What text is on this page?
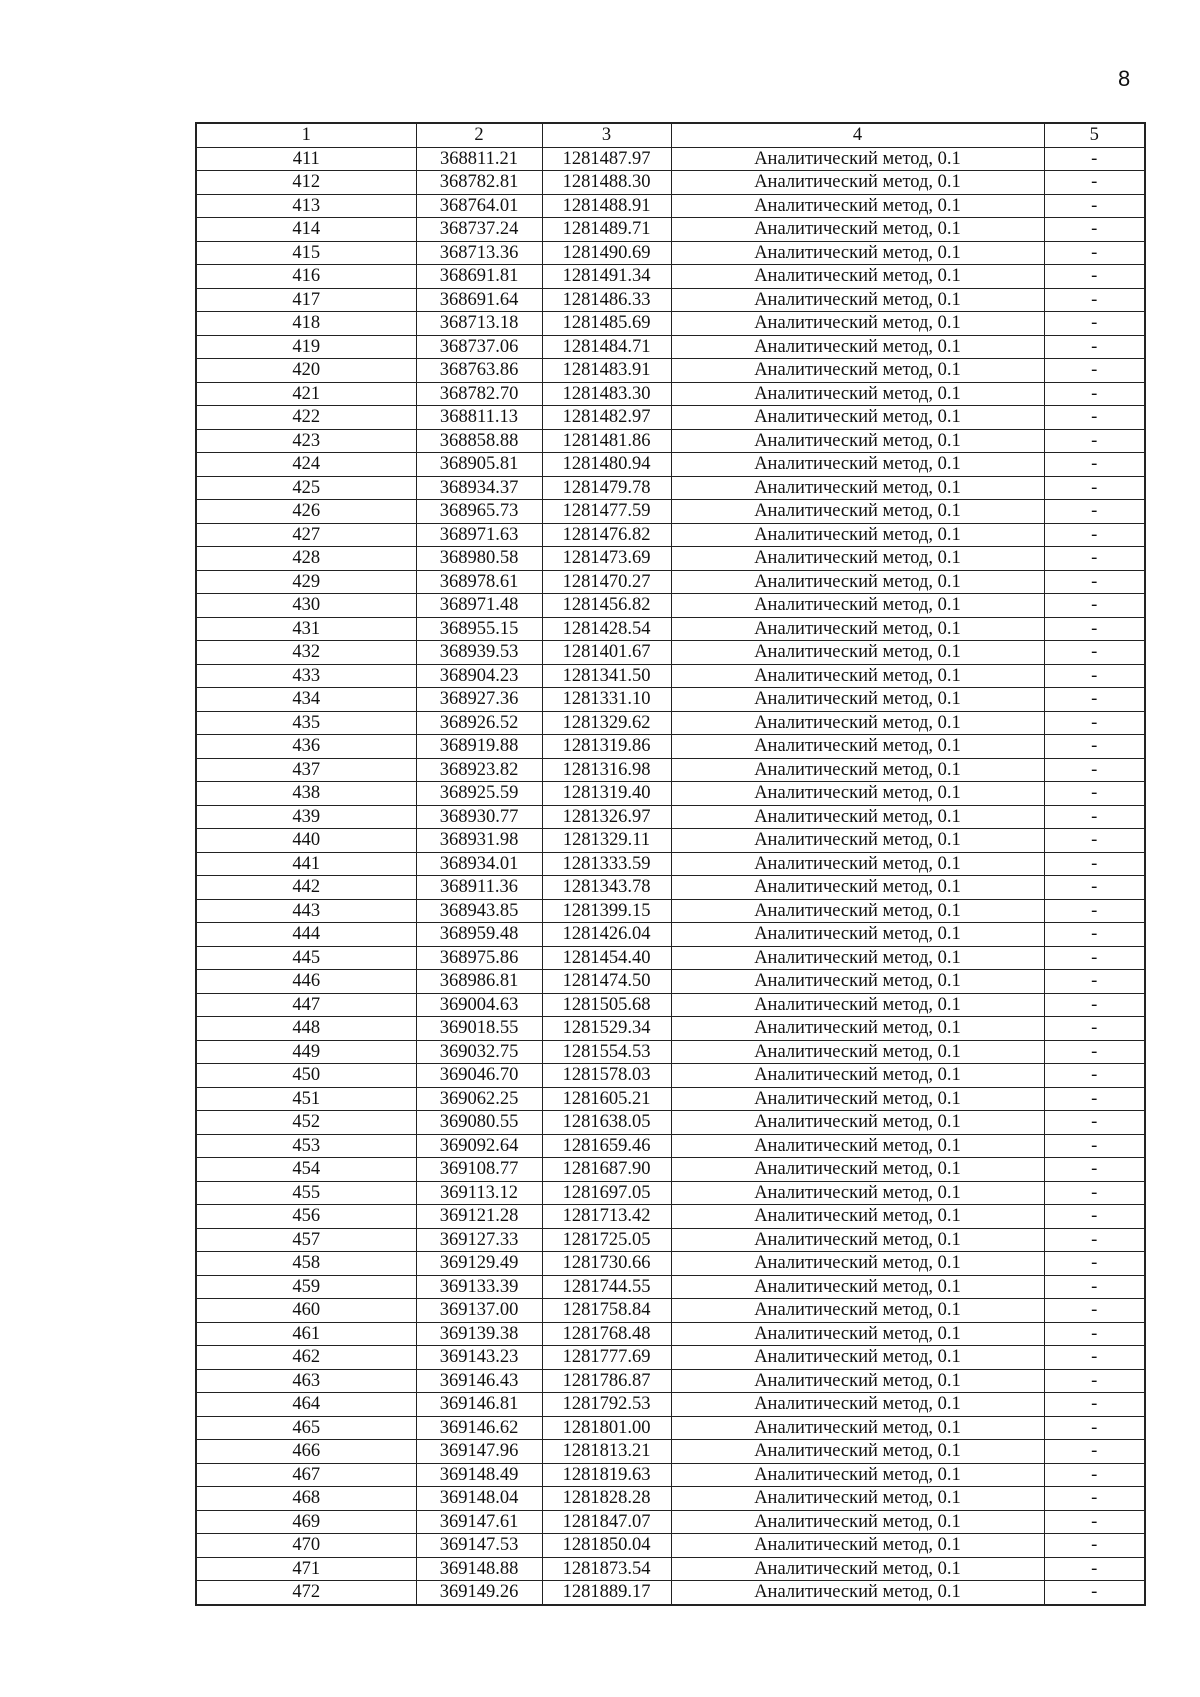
8
1	2	3	4	5
411	368811.21	1281487.97	Аналитический метод, 0.1	-
412	368782.81	1281488.30	Аналитический метод, 0.1	-
413	368764.01	1281488.91	Аналитический метод, 0.1	-
414	368737.24	1281489.71	Аналитический метод, 0.1	-
415	368713.36	1281490.69	Аналитический метод, 0.1	-
416	368691.81	1281491.34	Аналитический метод, 0.1	-
417	368691.64	1281486.33	Аналитический метод, 0.1	-
418	368713.18	1281485.69	Аналитический метод, 0.1	-
419	368737.06	1281484.71	Аналитический метод, 0.1	-
420	368763.86	1281483.91	Аналитический метод, 0.1	-
421	368782.70	1281483.30	Аналитический метод, 0.1	-
422	368811.13	1281482.97	Аналитический метод, 0.1	-
423	368858.88	1281481.86	Аналитический метод, 0.1	-
424	368905.81	1281480.94	Аналитический метод, 0.1	-
425	368934.37	1281479.78	Аналитический метод, 0.1	-
426	368965.73	1281477.59	Аналитический метод, 0.1	-
427	368971.63	1281476.82	Аналитический метод, 0.1	-
428	368980.58	1281473.69	Аналитический метод, 0.1	-
429	368978.61	1281470.27	Аналитический метод, 0.1	-
430	368971.48	1281456.82	Аналитический метод, 0.1	-
431	368955.15	1281428.54	Аналитический метод, 0.1	-
432	368939.53	1281401.67	Аналитический метод, 0.1	-
433	368904.23	1281341.50	Аналитический метод, 0.1	-
434	368927.36	1281331.10	Аналитический метод, 0.1	-
435	368926.52	1281329.62	Аналитический метод, 0.1	-
436	368919.88	1281319.86	Аналитический метод, 0.1	-
437	368923.82	1281316.98	Аналитический метод, 0.1	-
438	368925.59	1281319.40	Аналитический метод, 0.1	-
439	368930.77	1281326.97	Аналитический метод, 0.1	-
440	368931.98	1281329.11	Аналитический метод, 0.1	-
441	368934.01	1281333.59	Аналитический метод, 0.1	-
442	368911.36	1281343.78	Аналитический метод, 0.1	-
443	368943.85	1281399.15	Аналитический метод, 0.1	-
444	368959.48	1281426.04	Аналитический метод, 0.1	-
445	368975.86	1281454.40	Аналитический метод, 0.1	-
446	368986.81	1281474.50	Аналитический метод, 0.1	-
447	369004.63	1281505.68	Аналитический метод, 0.1	-
448	369018.55	1281529.34	Аналитический метод, 0.1	-
449	369032.75	1281554.53	Аналитический метод, 0.1	-
450	369046.70	1281578.03	Аналитический метод, 0.1	-
451	369062.25	1281605.21	Аналитический метод, 0.1	-
452	369080.55	1281638.05	Аналитический метод, 0.1	-
453	369092.64	1281659.46	Аналитический метод, 0.1	-
454	369108.77	1281687.90	Аналитический метод, 0.1	-
455	369113.12	1281697.05	Аналитический метод, 0.1	-
456	369121.28	1281713.42	Аналитический метод, 0.1	-
457	369127.33	1281725.05	Аналитический метод, 0.1	-
458	369129.49	1281730.66	Аналитический метод, 0.1	-
459	369133.39	1281744.55	Аналитический метод, 0.1	-
460	369137.00	1281758.84	Аналитический метод, 0.1	-
461	369139.38	1281768.48	Аналитический метод, 0.1	-
462	369143.23	1281777.69	Аналитический метод, 0.1	-
463	369146.43	1281786.87	Аналитический метод, 0.1	-
464	369146.81	1281792.53	Аналитический метод, 0.1	-
465	369146.62	1281801.00	Аналитический метод, 0.1	-
466	369147.96	1281813.21	Аналитический метод, 0.1	-
467	369148.49	1281819.63	Аналитический метод, 0.1	-
468	369148.04	1281828.28	Аналитический метод, 0.1	-
469	369147.61	1281847.07	Аналитический метод, 0.1	-
470	369147.53	1281850.04	Аналитический метод, 0.1	-
471	369148.88	1281873.54	Аналитический метод, 0.1	-
472	369149.26	1281889.17	Аналитический метод, 0.1	-
